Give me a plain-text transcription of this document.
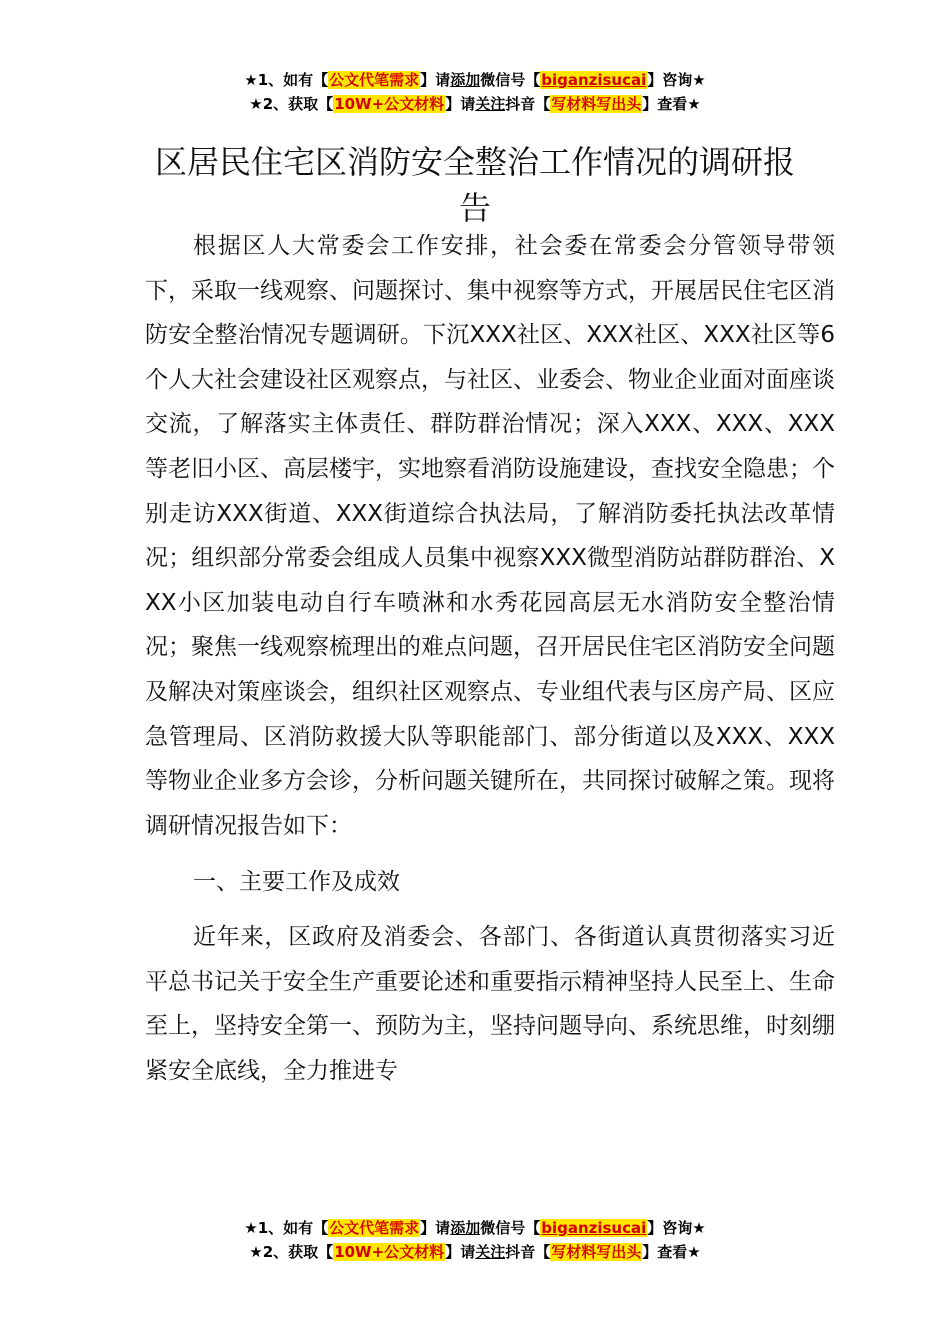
★1、如有【公文代笔需求】请添加微信号【biganzisucai】咨询★
★2、获取【10W+公文材料】请关注抖音【写材料写出头】查看★
区居民住宅区消防安全整治工作情况的调研报告

根据区人大常委会工作安排，社会委在常委会分管领导带领下，采取一线观察、问题探讨、集中视察等方式，开展居民住宅区消防安全整治情况专题调研。下沉XXX社区、XXX社区、XXX社区等6个人大社会建设社区观察点，与社区、业委会、物业企业面对面座谈交流，了解落实主体责任、群防群治情况；深入XXX、XXX、XXX等老旧小区、高层楼宇，实地察看消防设施建设，查找安全隐患；个别走访XXX街道、XXX街道综合执法局，了解消防委托执法改革情况；组织部分常委会组成人员集中视察XXX微型消防站群防群治、XXX小区加装电动自行车喷淋和水秀花园高层无水消防安全整治情况；聚焦一线观察梳理出的难点问题，召开居民住宅区消防安全问题及解决对策座谈会，组织社区观察点、专业组代表与区房产局、区应急管理局、区消防救援大队等职能部门、部分街道以及XXX、XXX等物业企业多方会诊，分析问题关键所在，共同探讨破解之策。现将调研情况报告如下：

一、主要工作及成效

近年来，区政府及消委会、各部门、各街道认真贯彻落实习近平总书记关于安全生产重要论述和重要指示精神坚持人民至上、生命至上，坚持安全第一、预防为主，坚持问题导向、系统思维，时刻绷紧安全底线，全力推进专

★1、如有【公文代笔需求】请添加微信号【biganzisucai】咨询★
★2、获取【10W+公文材料】请关注抖音【写材料写出头】查看★
